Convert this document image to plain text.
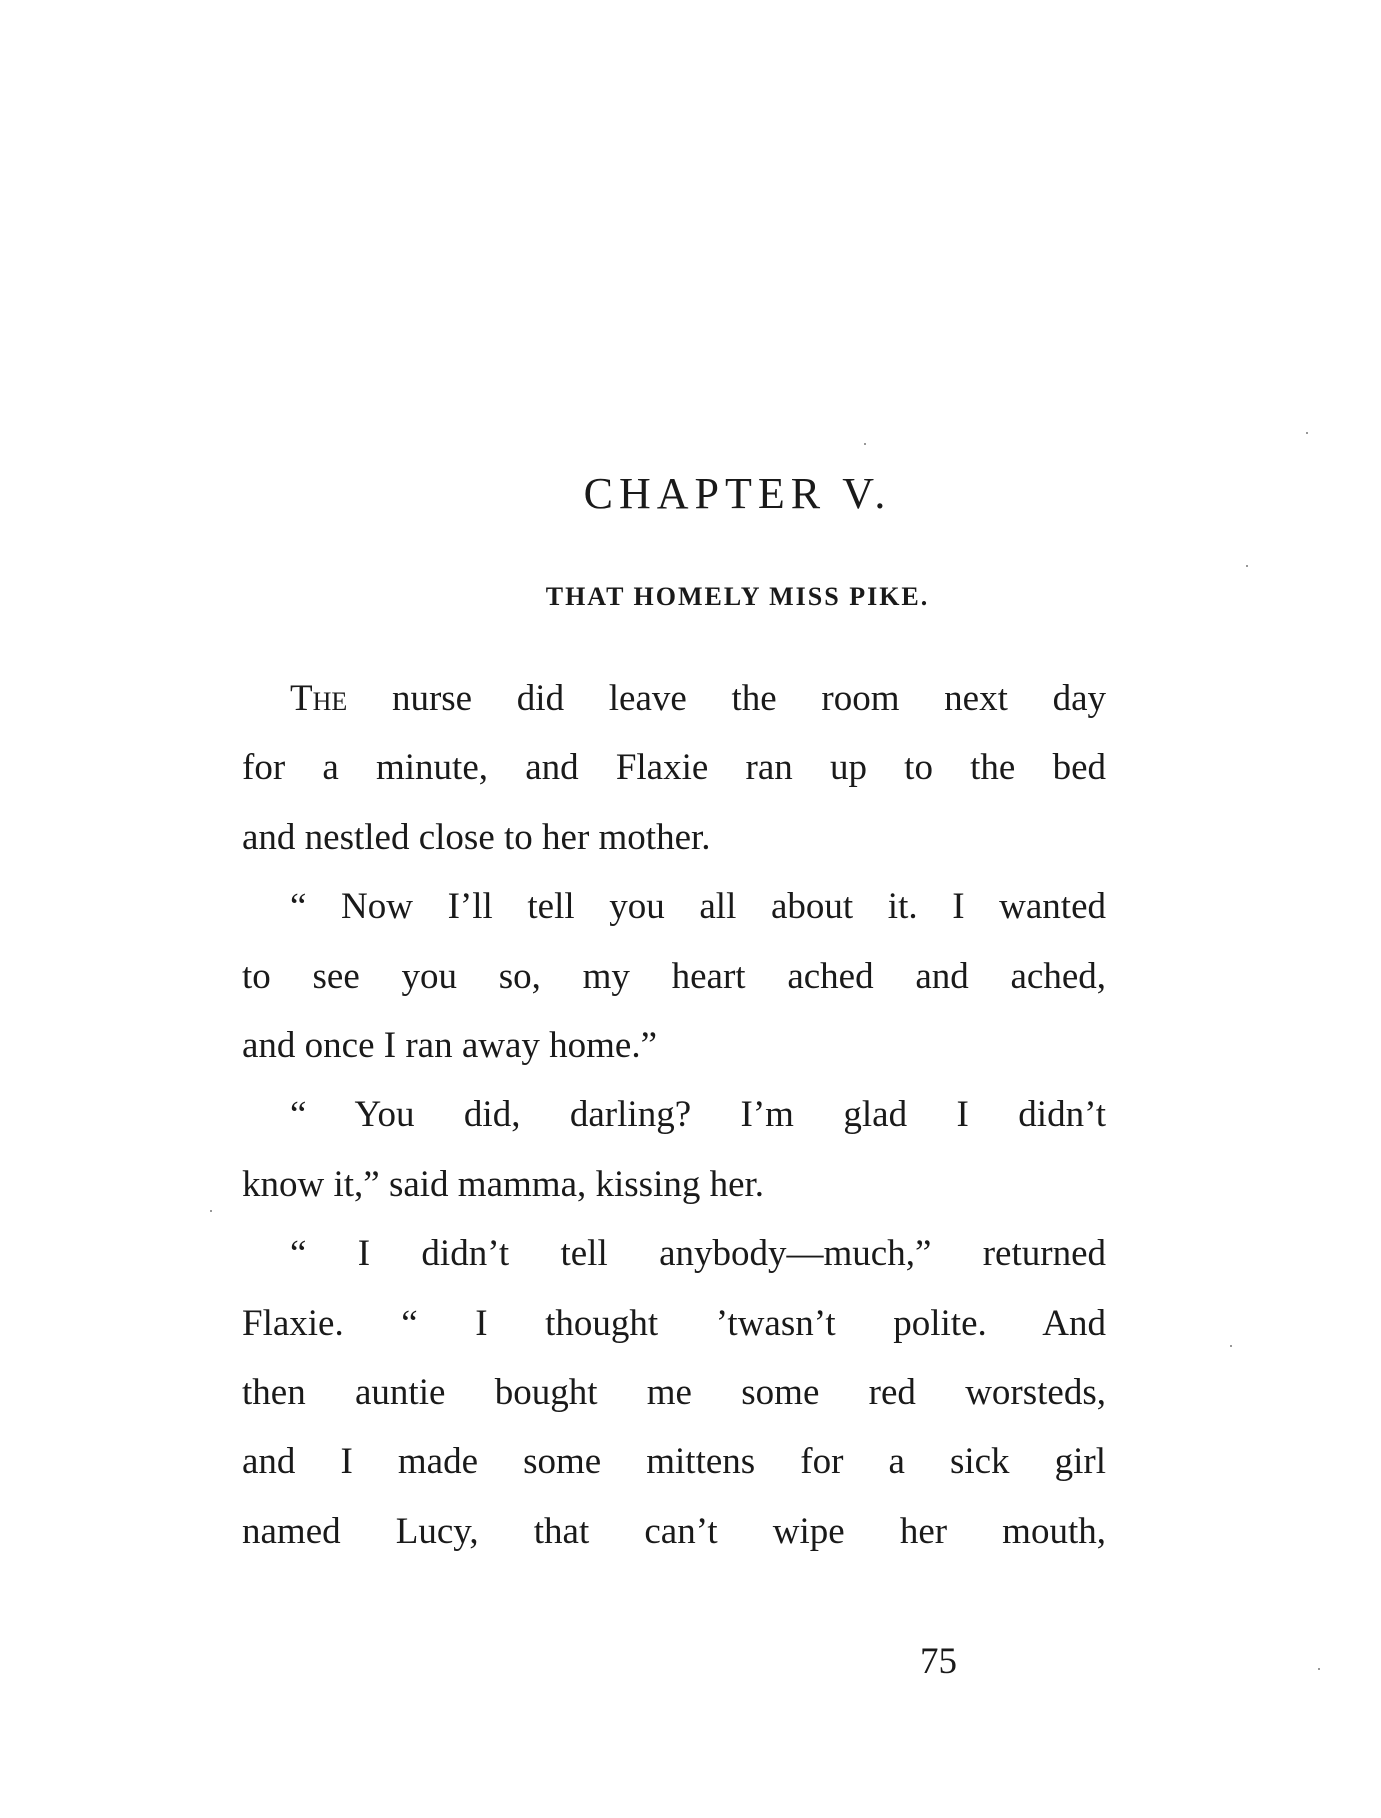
CHAPTER V.
THAT HOMELY MISS PIKE.
The nurse did leave the room next day
for a minute, and Flaxie ran up to the bed
and nestled close to her mother.
“ Now I’ll tell you all about it. I wanted
to see you so, my heart ached and ached,
and once I ran away home.”
“ You did, darling? I’m glad I didn’t
know it,” said mamma, kissing her.
“ I didn’t tell anybody—much,” returned
Flaxie. “ I thought ’twasn’t polite. And
then auntie bought me some red worsteds,
and I made some mittens for a sick girl
named Lucy, that can’t wipe her mouth,

75
